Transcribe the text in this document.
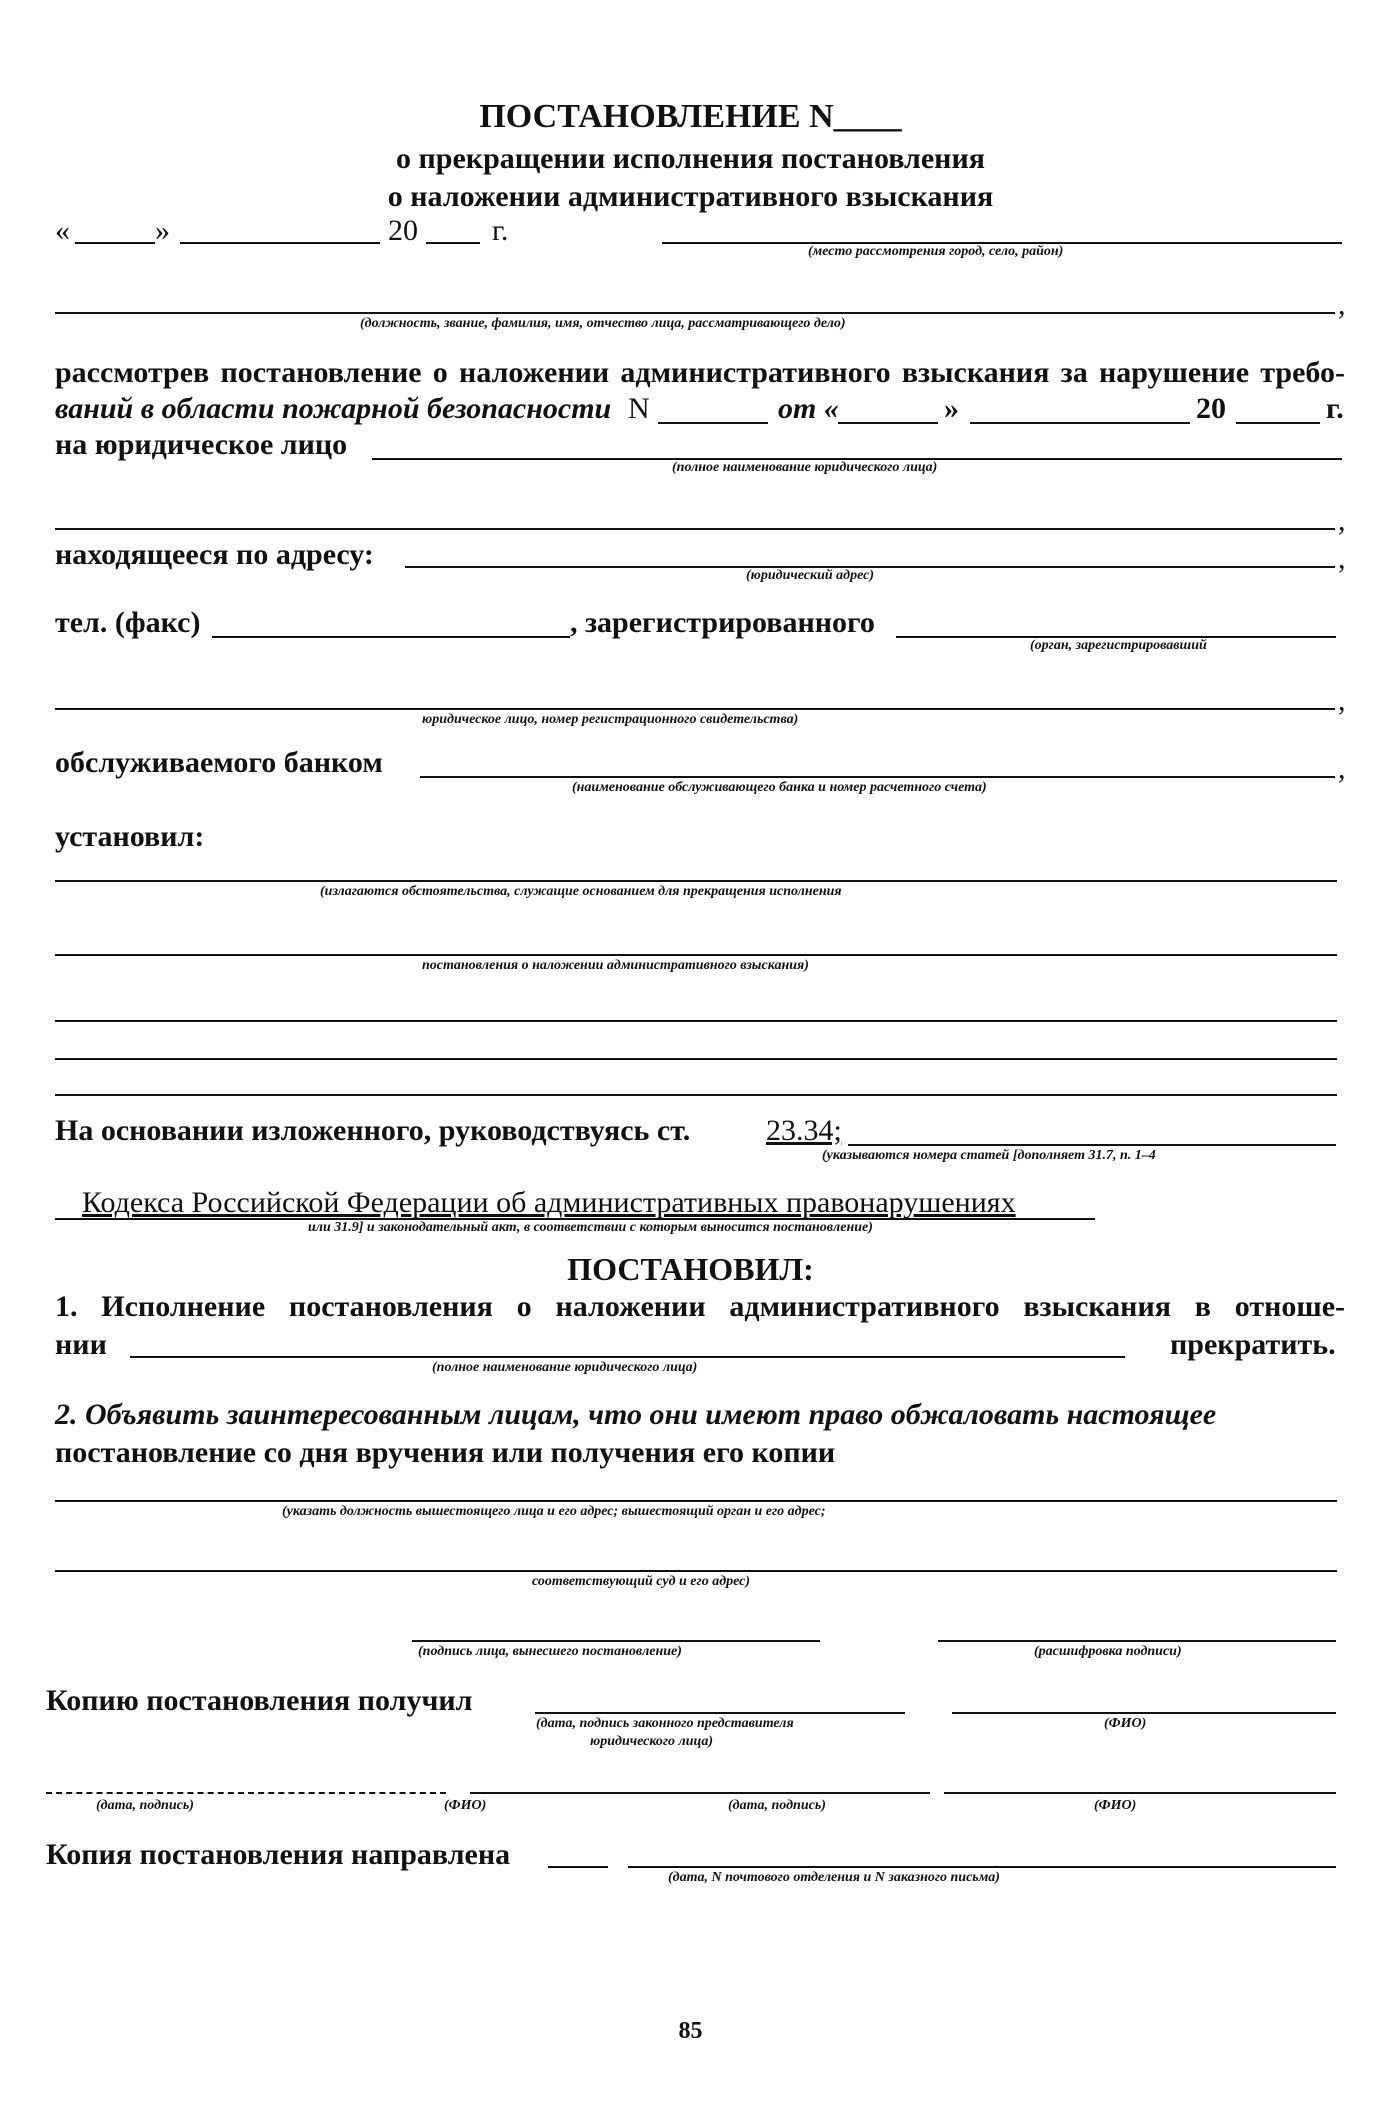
ПОСТАНОВЛЕНИЕ N____
о прекращении исполнения постановления
о наложении административного взыскания
«	»	20 г.
(место рассмотрения город, село, район)
,
(должность, звание, фамилия, имя, отчество лица, рассматривающего дело)
рассмотрев постановление о наложении административного взыскания за нарушение требо-
ваний в области пожарной безопасности N	от «	»	20	г.
на юридическое лицо
(полное наименование юридического лица)
,
находящееся по адресу:	,
(юридический адрес)
тел. (факс)	, зарегистрированного
(орган, зарегистрировавший
,
юридическое лицо, номер регистрационного свидетельства)
обслуживаемого банком	,
(наименование обслуживающего банка и номер расчетного счета)
установил:
(излагаются обстоятельства, служащие основанием для прекращения исполнения
постановления о наложении административного взыскания)
На основании изложенного, руководствуясь ст.	23.34;
(указываются номера статей [дополняет 31.7, п. 1–4
Кодекса Российской Федерации об административных правонарушениях
или 31.9] и законодательный акт, в соответствии с которым выносится постановление)
ПОСТАНОВИЛ:
1. Исполнение постановления о наложении административного взыскания в отноше-
нии	прекратить.
(полное наименование юридического лица)
2. Объявить заинтересованным лицам, что они имеют право обжаловать настоящее
постановление со дня вручения или получения его копии
(указать должность вышестоящего лица и его адрес; вышестоящий орган и его адрес;
соответствующий суд и его адрес)
(подпись лица, вынесшего постановление)	(расшифровка подписи)
Копию постановления получил
(дата, подпись законного представителя
юридического лица)
(ФИО)
(дата, подпись)	(ФИО)	(дата, подпись)	(ФИО)
Копия постановления направлена
(дата, N почтового отделения и N заказного письма)
85
